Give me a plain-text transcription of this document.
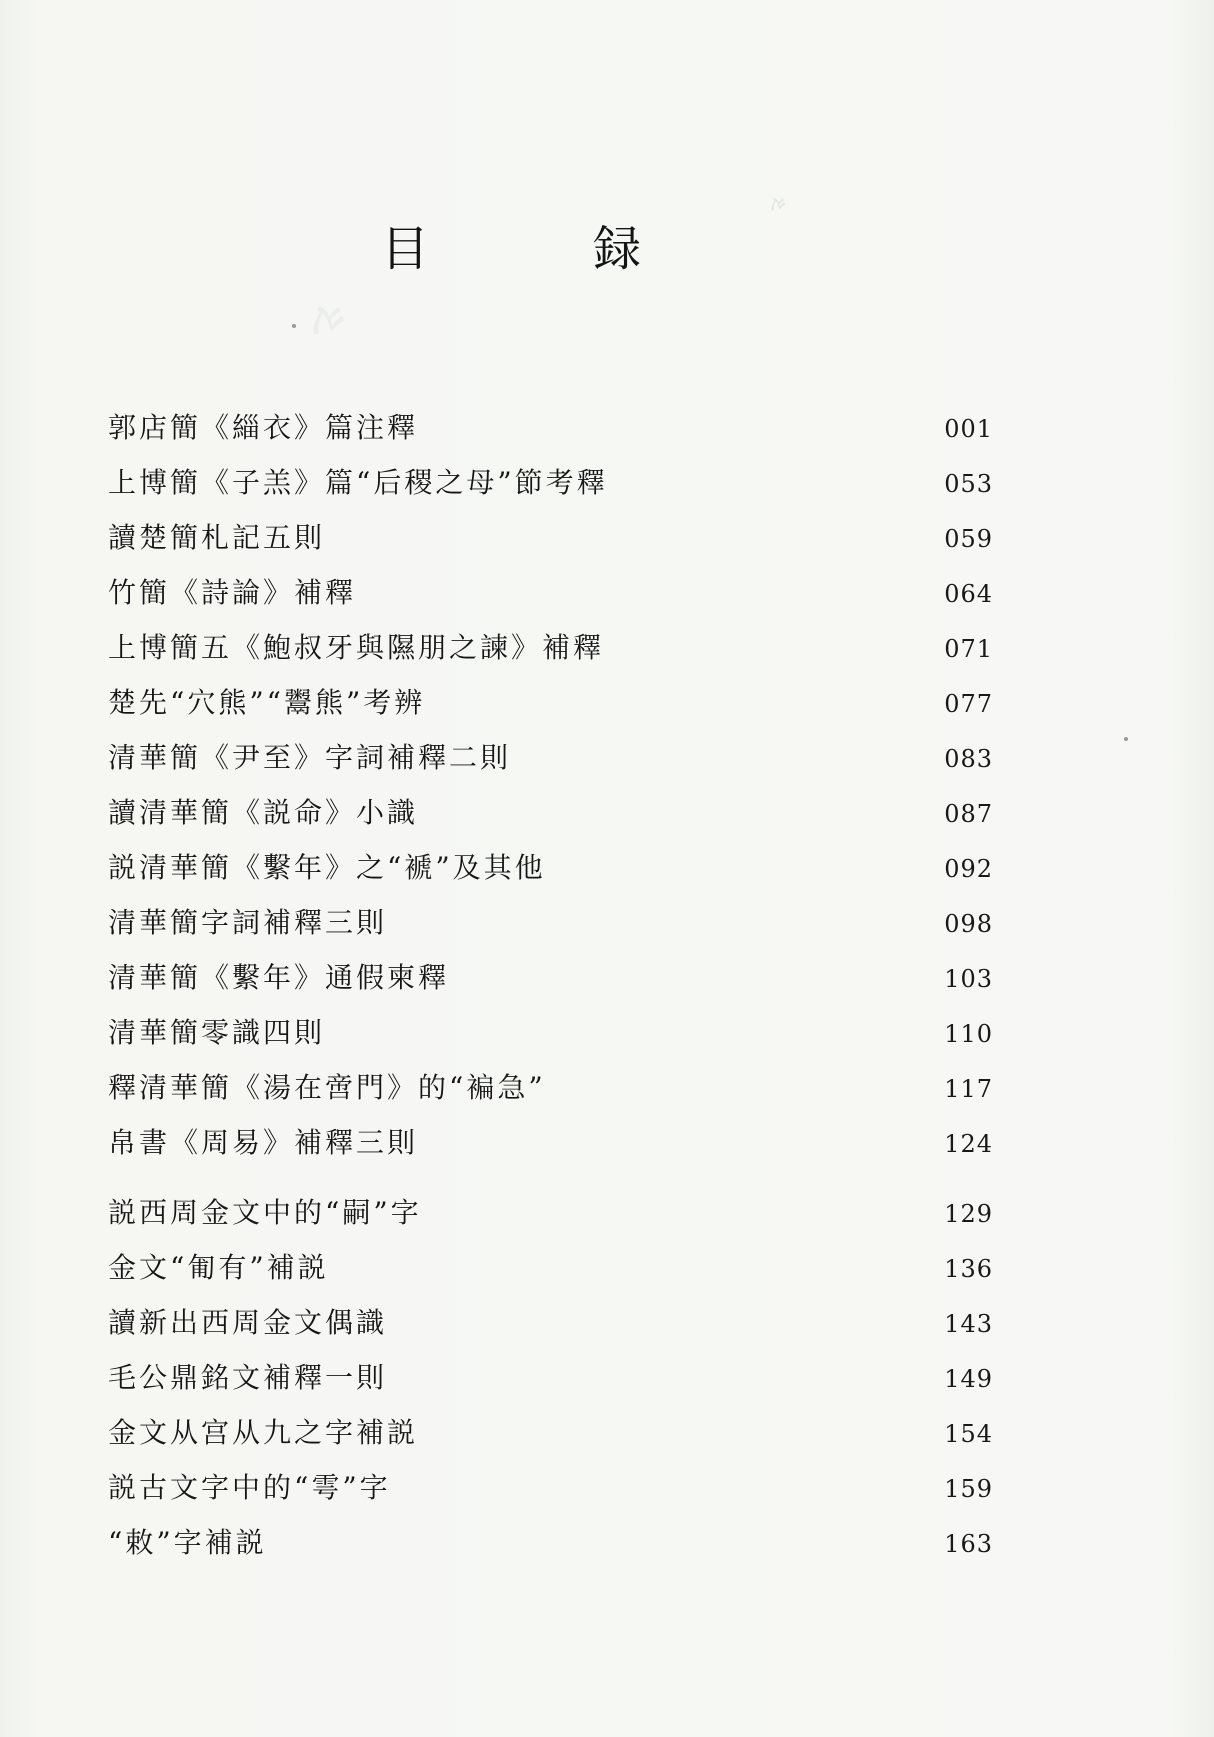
ࠀ
ࠀ
目　録
郭店簡《緇衣》篇注釋	001
上博簡《子羔》篇“后稷之母”節考釋	053
讀楚簡札記五則	059
竹簡《詩論》補釋	064
上博簡五《鮑叔牙與隰朋之諫》補釋	071
楚先“穴熊”“鬻熊”考辨	077
清華簡《尹至》字詞補釋二則	083
讀清華簡《説命》小識	087
説清華簡《繫年》之“褫”及其他	092
清華簡字詞補釋三則	098
清華簡《繫年》通假柬釋	103
清華簡零識四則	110
釋清華簡《湯在啻門》的“褊急”	117
帛書《周易》補釋三則	124
説西周金文中的“嗣”字	129
金文“匍有”補説	136
讀新出西周金文偶識	143
毛公鼎銘文補釋一則	149
金文从宫从九之字補説	154
説古文字中的“雩”字	159
“敕”字補説	163
